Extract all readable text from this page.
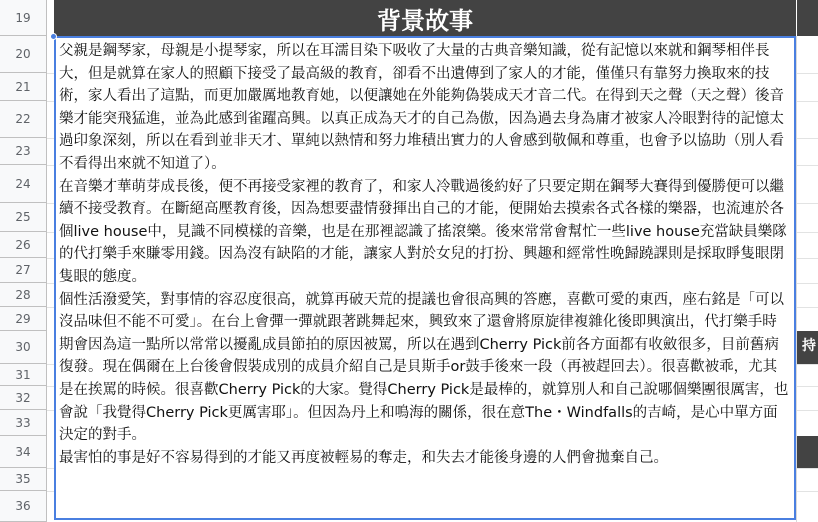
19
20
21
22
23
24
25
26
27
28
29
30
31
32
33
34
35
36
背景故事
持

父親是鋼琴家，母親是小提琴家，所以在耳濡目染下吸收了大量的古典音樂知識，從有記憶以來就和鋼琴相伴長大，但是就算在家人的照顧下接受了最高級的教育，卻看不出遺傳到了家人的才能，僅僅只有靠努力換取來的技術，家人看出了這點，而更加嚴厲地教育她，以便讓她在外能夠偽裝成天才音二代。在得到天之聲（天之聲）後音樂才能突飛猛進，並為此感到雀躍高興。以真正成為天才的自己為傲，因為過去身為庸才被家人冷眼對待的記憶太過印象深刻，所以在看到並非天才、單純以熱情和努力堆積出實力的人會感到敬佩和尊重，也會予以協助（別人看不看得出來就不知道了）。

在音樂才華萌芽成長後，便不再接受家裡的教育了，和家人冷戰過後約好了只要定期在鋼琴大賽得到優勝便可以繼續不接受教育。在斷絕高壓教育後，因為想要盡情發揮出自己的才能，便開始去摸索各式各樣的樂器，也流連於各個live house中，見識不同模樣的音樂，也是在那裡認識了搖滾樂。後來常常會幫忙一些live house充當缺員樂隊的代打樂手來賺零用錢。因為沒有缺陷的才能，讓家人對於女兒的打扮、興趣和經常性晚歸蹺課則是採取睜隻眼閉隻眼的態度。

個性活潑愛笑，對事情的容忍度很高，就算再破天荒的提議也會很高興的答應，喜歡可愛的東西，座右銘是「可以沒品味但不能不可愛」。在台上會彈一彈就跟著跳舞起來，興致來了還會將原旋律複雜化後即興演出，代打樂手時期會因為這一點所以常常以擾亂成員節拍的原因被罵，所以在遇到Cherry Pick前各方面都有收斂很多，目前舊病復發。現在偶爾在上台後會假裝成別的成員介紹自己是貝斯手or鼓手後來一段（再被趕回去）。很喜歡被乖，尤其是在挨罵的時候。很喜歡Cherry Pick的大家。覺得Cherry Pick是最棒的，就算別人和自己說哪個樂團很厲害，也會說「我覺得Cherry Pick更厲害耶」。但因為丹上和鳴海的關係，很在意The・Windfalls的吉崎，是心中單方面決定的對手。

最害怕的事是好不容易得到的才能又再度被輕易的奪走，和失去才能後身邊的人們會拋棄自己。
